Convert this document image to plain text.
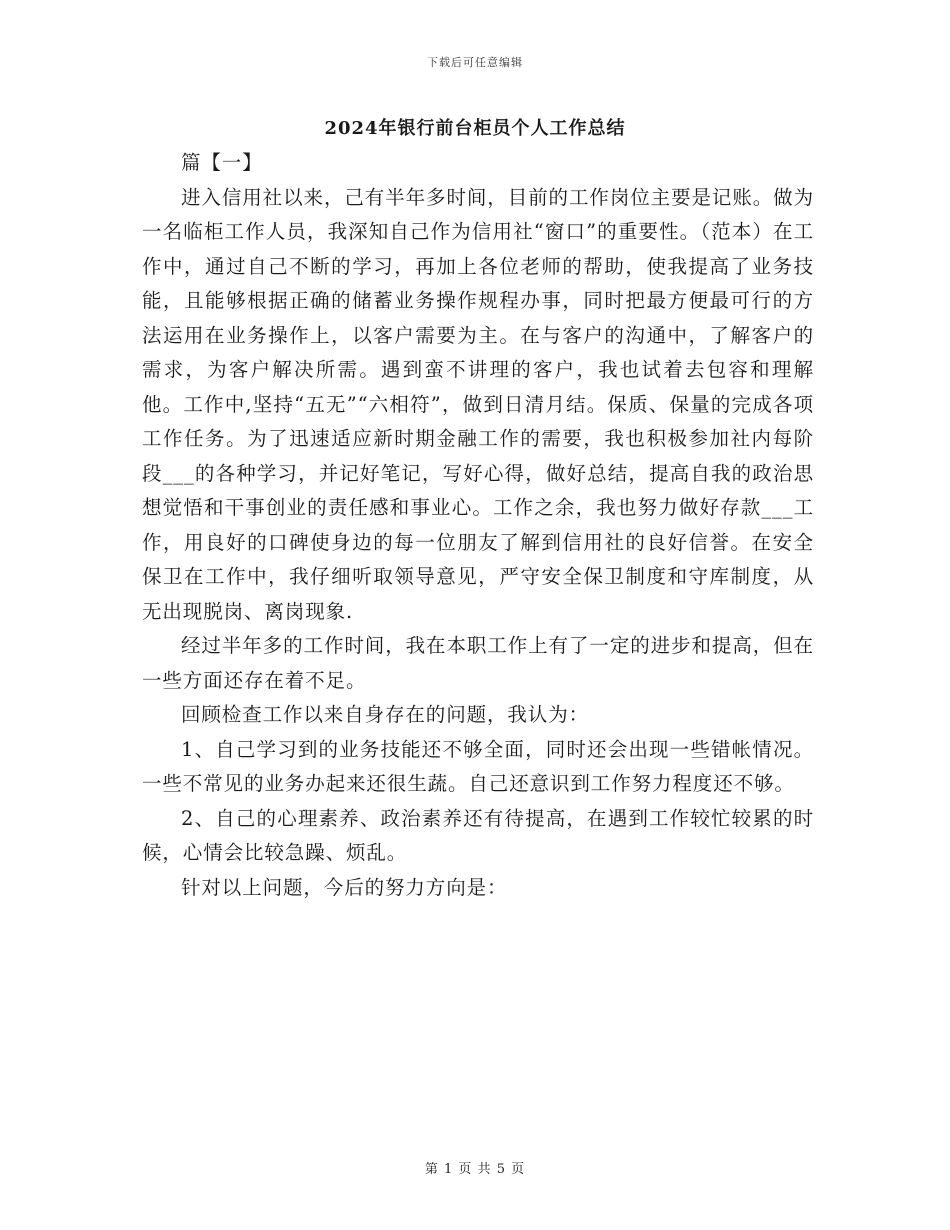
下载后可任意编辑
2024年银行前台柜员个人工作总结

篇【一】

进入信用社以来，己有半年多时间，目前的工作岗位主要是记账。做为一名临柜工作人员，我深知自己作为信用社“窗口”的重要性。（范本）在工作中，通过自己不断的学习，再加上各位老师的帮助，使我提高了业务技能，且能够根据正确的储蓄业务操作规程办事，同时把最方便最可行的方法运用在业务操作上，以客户需要为主。在与客户的沟通中，了解客户的需求，为客户解决所需。遇到蛮不讲理的客户，我也试着去包容和理解他。工作中,坚持“五无”“六相符”，做到日清月结。保质、保量的完成各项工作任务。为了迅速适应新时期金融工作的需要，我也积极参加社内每阶段___的各种学习，并记好笔记，写好心得，做好总结，提高自我的政治思想觉悟和干事创业的责任感和事业心。工作之余，我也努力做好存款___工作，用良好的口碑使身边的每一位朋友了解到信用社的良好信誉。在安全保卫在工作中，我仔细听取领导意见，严守安全保卫制度和守库制度，从无出现脱岗、离岗现象.

经过半年多的工作时间，我在本职工作上有了一定的进步和提高，但在一些方面还存在着不足。

回顾检查工作以来自身存在的问题，我认为：

1、自己学习到的业务技能还不够全面，同时还会出现一些错帐情况。一些不常见的业务办起来还很生蔬。自己还意识到工作努力程度还不够。

2、自己的心理素养、政治素养还有待提高，在遇到工作较忙较累的时候，心情会比较急躁、烦乱。

针对以上问题，今后的努力方向是：

第 1 页 共 5 页
